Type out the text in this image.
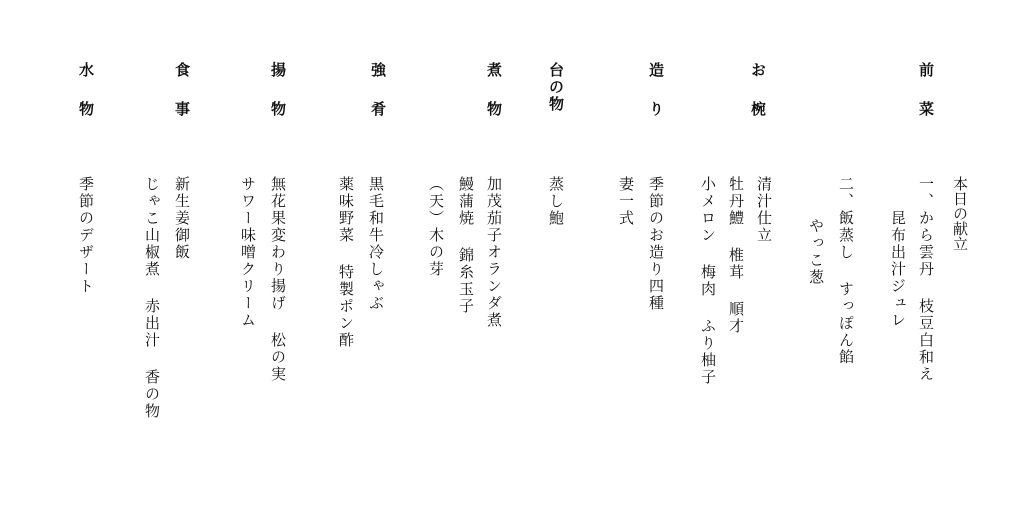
本日の献立
前菜
一、から雲丹 枝豆白和え
昆布出汁ジュレ
二、飯蒸し すっぽん餡
やっこ葱
お椀
清汁仕立
牡丹鱧 椎茸 順才
小メロン 梅肉 ふり柚子
造り
季節のお造り四種
妻一式
台の物
蒸し鮑
煮物
加茂茄子オランダ煮
鰻蒲焼 錦糸玉子
（天）木の芽
強肴
黒毛和牛冷しゃぶ
薬味野菜 特製ポン酢
揚物
無花果変わり揚げ 松の実
サワー味噌クリーム
食事
新生姜御飯
じゃこ山椒煮 赤出汁 香の物
水物
季節のデザート
